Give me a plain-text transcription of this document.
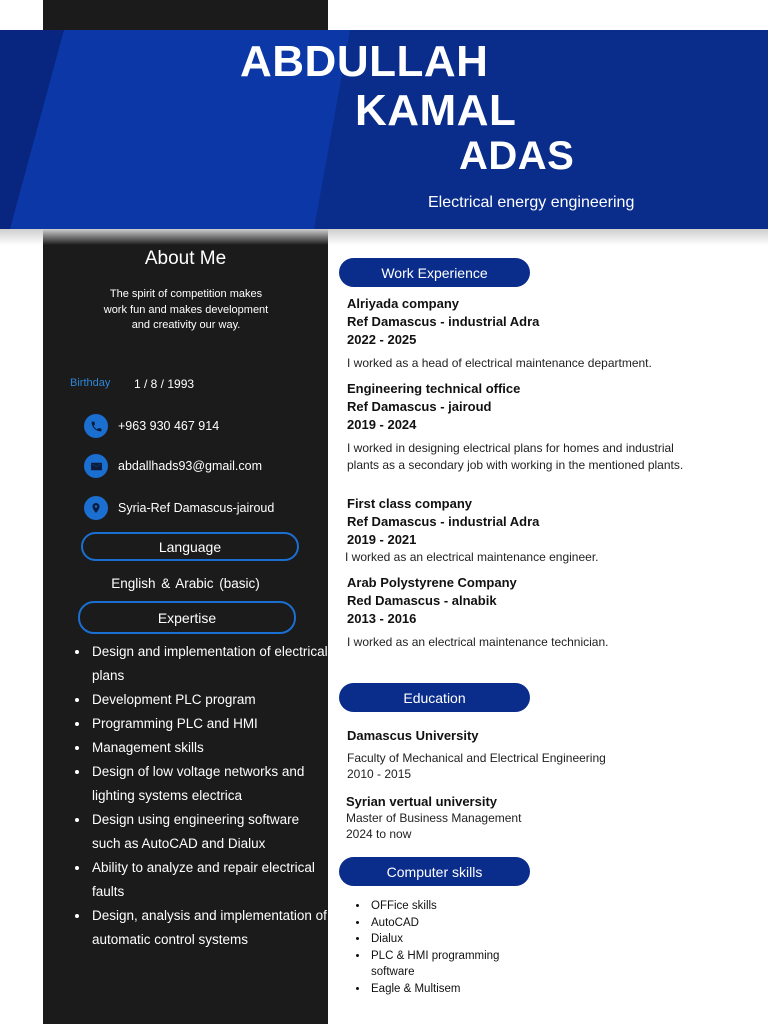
ABDULLAH
KAMAL
ADAS
Electrical energy engineering
About Me
The spirit of competition makes work fun and makes development and creativity our way.
Birthday 1 / 8 / 1993
+963 930 467 914
abdallhads93@gmail.com
Syria-Ref Damascus-jairoud
Language
English & Arabic (basic)
Expertise
• Design and implementation of electrical plans
• Development PLC program
• Programming PLC and HMI
• Management skills
• Design of low voltage networks and lighting systems electrica
• Design using engineering software such as AutoCAD and Dialux
• Ability to analyze and repair electrical faults
• Design, analysis and implementation of automatic control systems
Work Experience
Alriyada company
Ref Damascus - industrial Adra
2022 - 2025
I worked as a head of electrical maintenance department.
Engineering technical office
Ref Damascus - jairoud
2019 - 2024
I worked in designing electrical plans for homes and industrial plants as a secondary job with working in the mentioned plants.
First class company
Ref Damascus - industrial Adra
2019 - 2021
I worked as an electrical maintenance engineer.
Arab Polystyrene Company
Red Damascus - alnabik
2013 - 2016
I worked as an electrical maintenance technician.
Education
Damascus University
Faculty of Mechanical and Electrical Engineering
2010 - 2015
Syrian vertual university
Master of Business Management
2024 to now
Computer skills
• OFFice skills
• AutoCAD
• Dialux
• PLC & HMI programming software
• Eagle & Multisem
